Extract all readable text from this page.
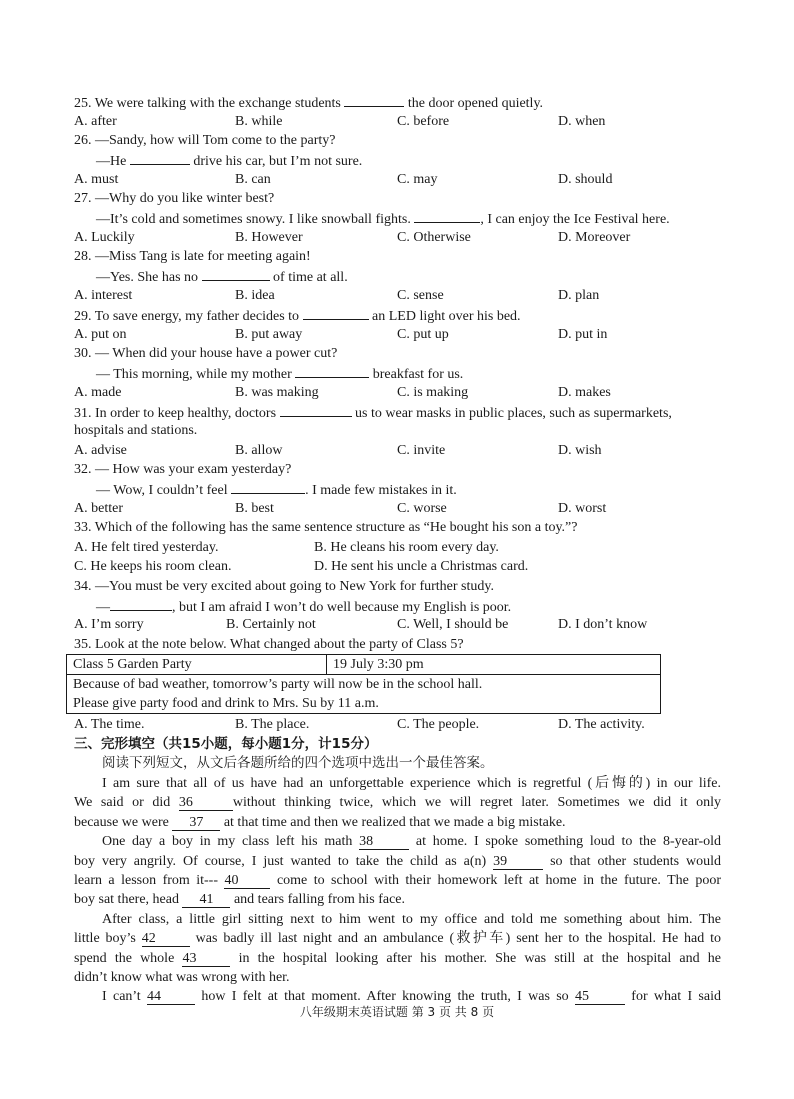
25. We were talking with the exchange students	the door opened quietly.
A. after	B. while	C. before	D. when
26. —Sandy, how will Tom come to the party?
—He	drive his car, but I’m not sure.
A. must	B. can	C. may	D. should
27. —Why do you like winter best?
—It’s cold and sometimes snowy. I like snowball fights.	, I can enjoy the Ice Festival here.
A. Luckily	B. However	C. Otherwise	D. Moreover
28. —Miss Tang is late for meeting again!
—Yes. She has no	of time at all.
A. interest	B. idea	C. sense	D. plan
29. To save energy, my father decides to	an LED light over his bed.
A. put on	B. put away	C. put up	D. put in
30. — When did your house have a power cut?
— This morning, while my mother	breakfast for us.
A. made	B. was making	C. is making	D. makes
31. In order to keep healthy, doctors	us to wear masks in public places, such as supermarkets,
hospitals and stations.
A. advise	B. allow	C. invite	D. wish
32. — How was your exam yesterday?
— Wow, I couldn’t feel	. I made few mistakes in it.
A. better	B. best	C. worse	D. worst
33. Which of the following has the same sentence structure as “He bought his son a toy.”?
A. He felt tired yesterday.	B. He cleans his room every day.
C. He keeps his room clean.	D. He sent his uncle a Christmas card.
34. —You must be very excited about going to New York for further study.
—	, but I am afraid I won’t do well because my English is poor.
A. I’m sorry	B. Certainly not	C. Well, I should be	D. I don’t know
35. Look at the note below. What changed about the party of Class 5?
Class 5 Garden Party	19 July 3:30 pm

Because of bad weather, tomorrow’s party will now be in the school hall.
Please give party food and drink to Mrs. Su by 11 a.m.
A. The time.	B. The place.	C. The people.	D. The activity.
三、完形填空（共15小题，每小题1分，计15分）
阅读下列短文，从文后各题所给的四个选项中选出一个最佳答案。

I am sure that all of us have had an unforgettable experience which is regretful (后悔的) in our life.

We said or did 36	without thinking twice, which we will regret later. Sometimes we did it only

because we were 37 at that time and then we realized that we made a big mistake.

One day a boy in my class left his math 38	at home. I spoke something loud to the 8-year-old

boy very angrily. Of course, I just wanted to take the child as a(n) 39	so that other students would

learn a lesson from it--- 40	come to school with their homework left at home in the future. The poor

boy sat there, head 41 and tears falling from his face.

After class, a little girl sitting next to him went to my office and told me something about him. The

little boy’s 42	was badly ill last night and an ambulance (救护车) sent her to the hospital. He had to

spend the whole 43	in the hospital looking after his mother. She was still at the hospital and he

didn’t know what was wrong with her.

I can’t 44	how I felt at that moment. After knowing the truth, I was so 45	for what I said

八年级期末英语试题 第 3 页 共 8 页
